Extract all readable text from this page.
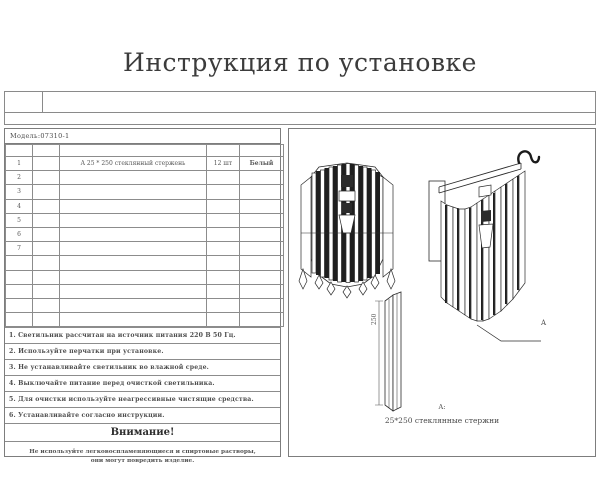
Инструкция по установке
Модель:07310-1

1		A 25 * 250 стеклянный стержень	12 шт	Белый
2				
3				
4				
5				
6				
7				

1. Светильник рассчитан на источник питания 220 В 50 Гц.
2. Используйте перчатки при установке.
3. Не устанавливайте светильник во влажной среде.
4. Выключайте питание перед очисткой светильника.
5. Для очистки используйте неагрессивные чистящие средства.
6. Устанавливайте согласно инструкции.
Внимание!
Не используйте легковоспламеняющиеся и спиртовые растворы,
они могут повредить изделие.
250	A
A:
25*250 стеклянные стержни
